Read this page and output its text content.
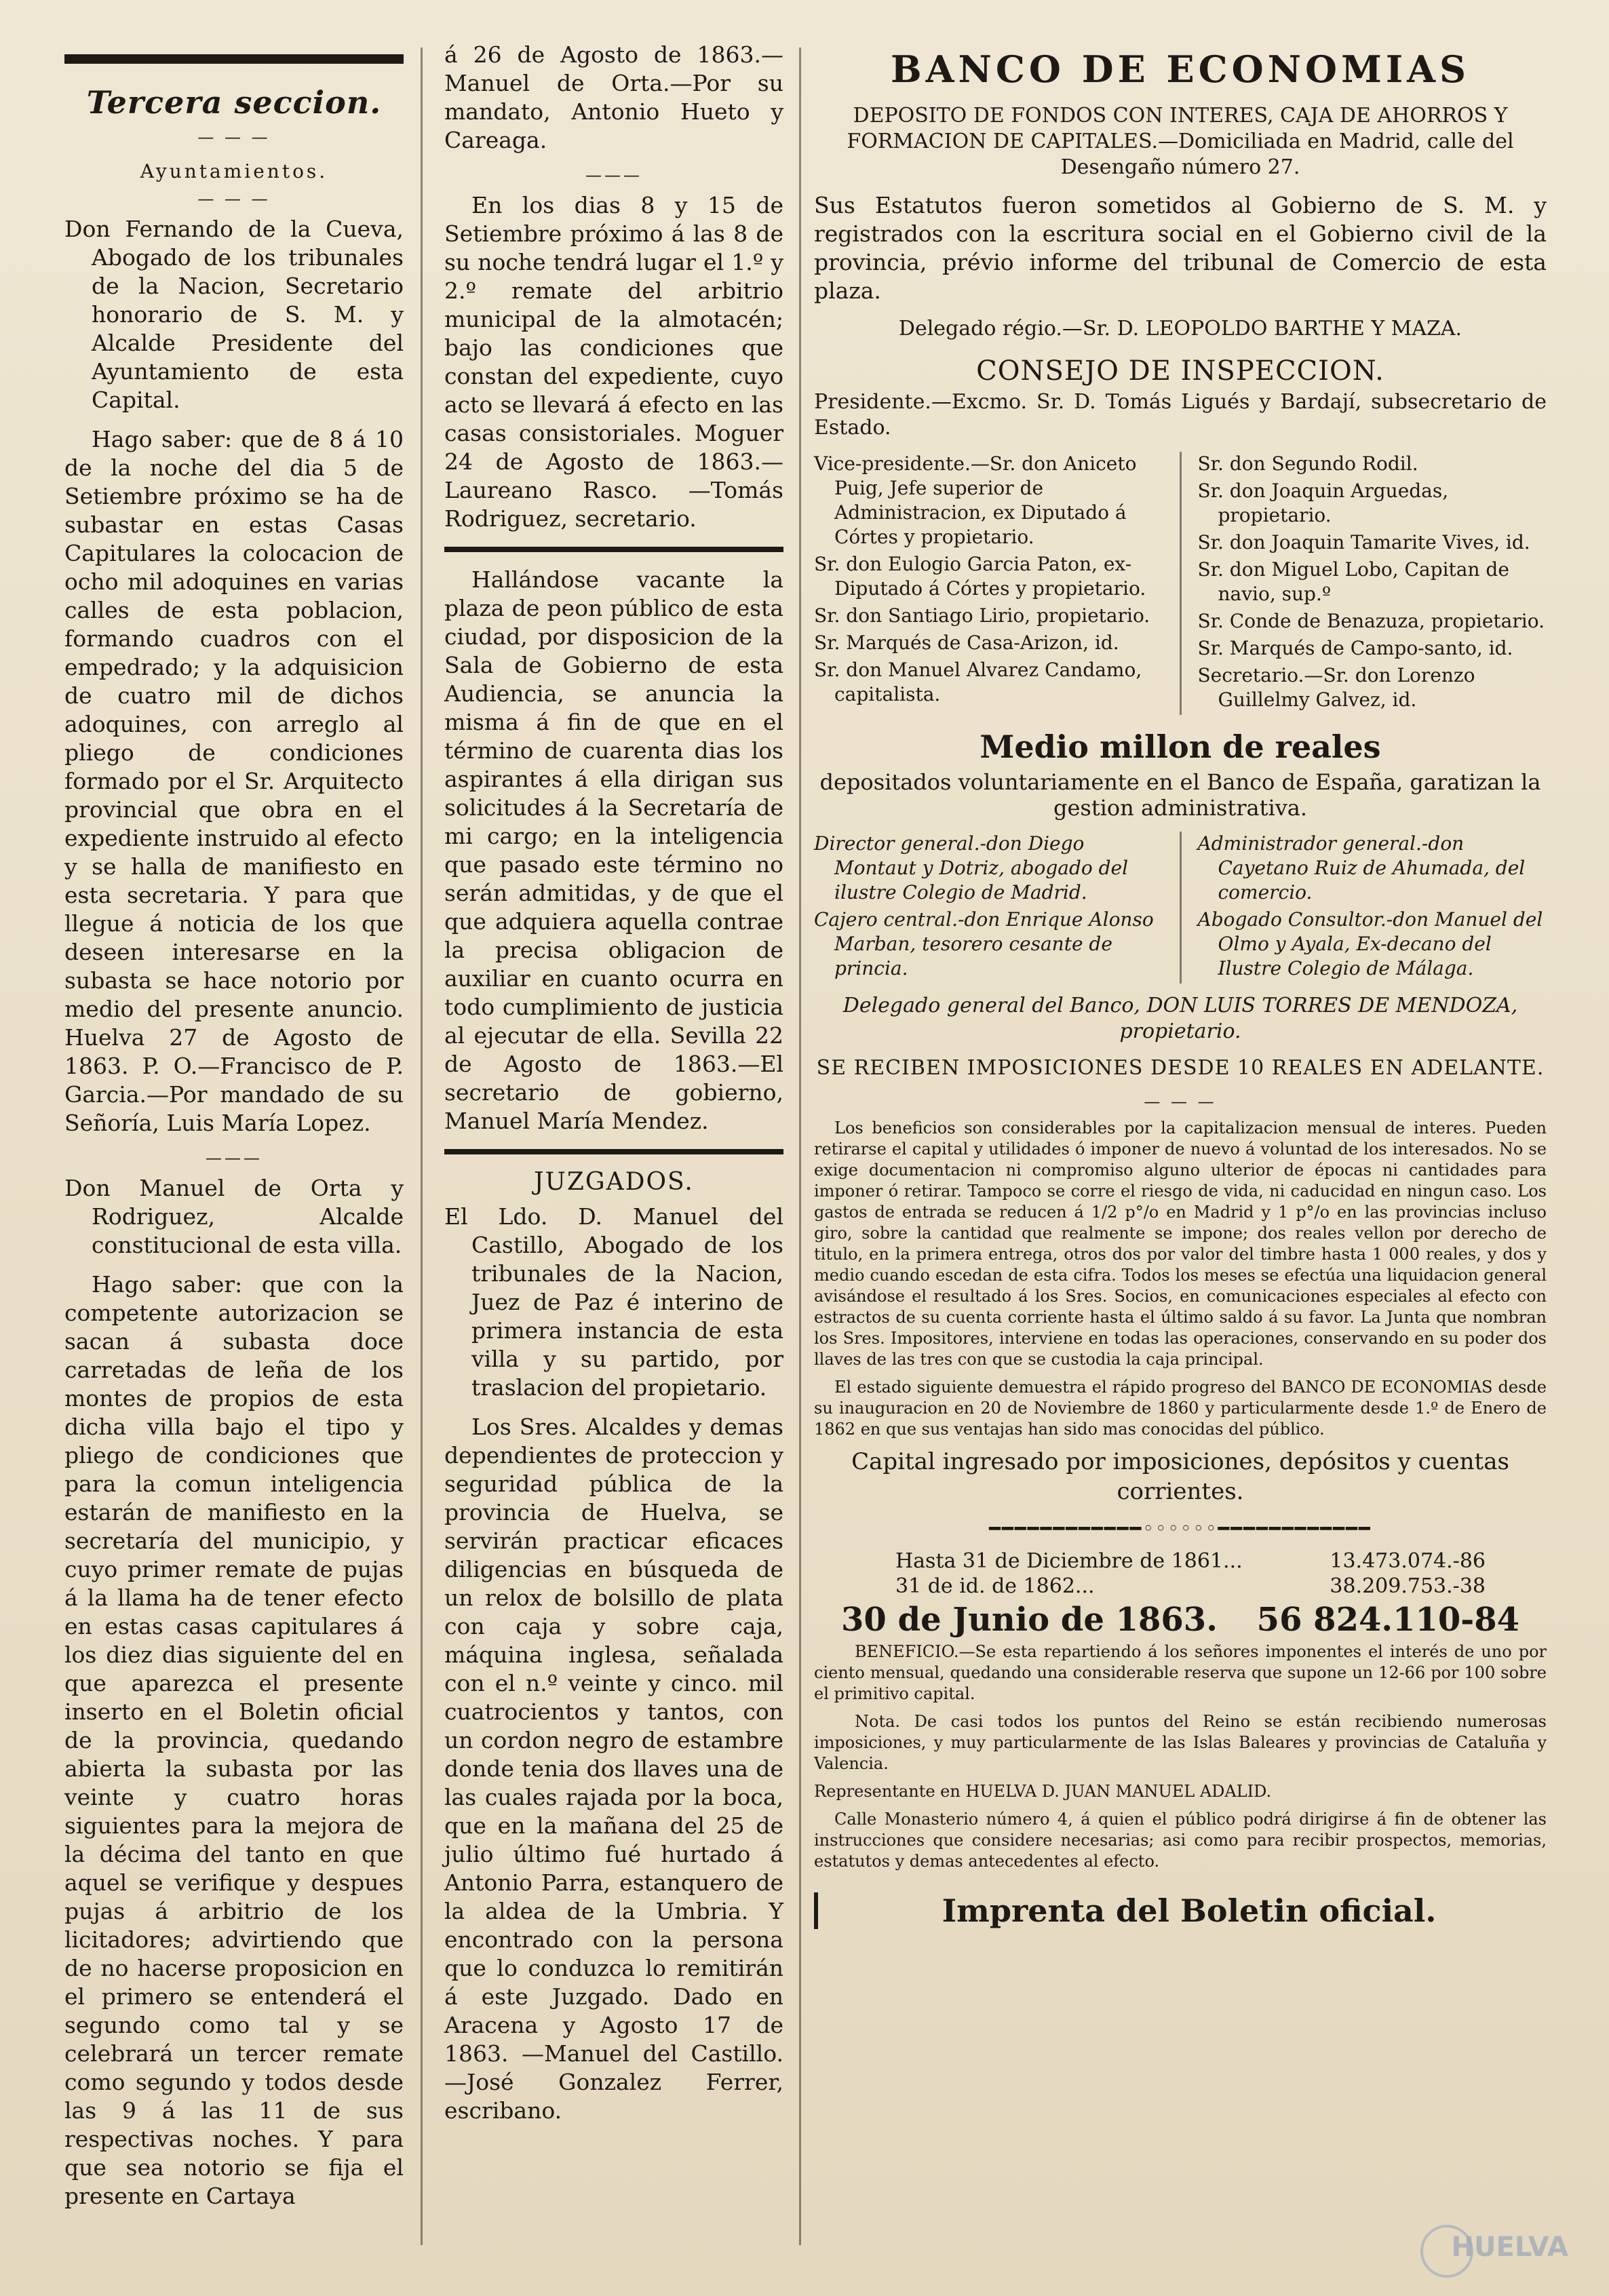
Tercera seccion.
— — —
Ayuntamientos.
— — —

Don Fernando de la Cueva, Abogado de los tribunales de la Nacion, Secretario honorario de S. M. y Alcalde Presidente del Ayuntamiento de esta Capital.

Hago saber: que de 8 á 10 de la noche del dia 5 de Setiembre próximo se ha de subastar en estas Casas Capitulares la colocacion de ocho mil adoquines en varias calles de esta poblacion, formando cuadros con el empedrado; y la adquisicion de cuatro mil de dichos adoquines, con arreglo al pliego de condiciones formado por el Sr. Arquitecto provincial que obra en el expediente instruido al efecto y se halla de manifiesto en esta secretaria. Y para que llegue á noticia de los que deseen interesarse en la subasta se hace notorio por medio del presente anuncio. Huelva 27 de Agosto de 1863. P. O.—Francisco de P. Garcia.—Por mandado de su Señoría, Luis María Lopez.

———

Don Manuel de Orta y Rodriguez, Alcalde constitucional de esta villa.

Hago saber: que con la competente autorizacion se sacan á subasta doce carretadas de leña de los montes de propios de esta dicha villa bajo el tipo y pliego de condiciones que para la comun inteligencia estarán de manifiesto en la secretaría del municipio, y cuyo primer remate de pujas á la llama ha de tener efecto en estas casas capitulares á los diez dias siguiente del en que aparezca el presente inserto en el Boletin oficial de la provincia, quedando abierta la subasta por las veinte y cuatro horas siguientes para la mejora de la décima del tanto en que aquel se verifique y despues pujas á arbitrio de los licitadores; advirtiendo que de no hacerse proposicion en el primero se entenderá el segundo como tal y se celebrará un tercer remate como segundo y todos desde las 9 á las 11 de sus respectivas noches. Y para que sea notorio se fija el presente en Cartaya

á 26 de Agosto de 1863.—Manuel de Orta.—Por su mandato, Antonio Hueto y Careaga.

———

En los dias 8 y 15 de Setiembre próximo á las 8 de su noche tendrá lugar el 1.º y 2.º remate del arbitrio municipal de la almotacén; bajo las condiciones que constan del expediente, cuyo acto se llevará á efecto en las casas consistoriales. Moguer 24 de Agosto de 1863.—Laureano Rasco. —Tomás Rodriguez, secretario.

Hallándose vacante la plaza de peon público de esta ciudad, por disposicion de la Sala de Gobierno de esta Audiencia, se anuncia la misma á fin de que en el término de cuarenta dias los aspirantes á ella dirigan sus solicitudes á la Secretaría de mi cargo; en la inteligencia que pasado este término no serán admitidas, y de que el que adquiera aquella contrae la precisa obligacion de auxiliar en cuanto ocurra en todo cumplimiento de justicia al ejecutar de ella. Sevilla 22 de Agosto de 1863.—El secretario de gobierno, Manuel María Mendez.

JUZGADOS.

El Ldo. D. Manuel del Castillo, Abogado de los tribunales de la Nacion, Juez de Paz é interino de primera instancia de esta villa y su partido, por traslacion del propietario.

Los Sres. Alcaldes y demas dependientes de proteccion y seguridad pública de la provincia de Huelva, se servirán practicar eficaces diligencias en búsqueda de un relox de bolsillo de plata con caja y sobre caja, máquina inglesa, señalada con el n.º veinte y cinco. mil cuatrocientos y tantos, con un cordon negro de estambre donde tenia dos llaves una de las cuales rajada por la boca, que en la mañana del 25 de julio último fué hurtado á Antonio Parra, estanquero de la aldea de la Umbria. Y encontrado con la persona que lo conduzca lo remitirán á este Juzgado. Dado en Aracena y Agosto 17 de 1863. —Manuel del Castillo.—José Gonzalez Ferrer, escribano.

BANCO DE ECONOMIAS

DEPOSITO DE FONDOS CON INTERES, CAJA DE AHORROS Y FORMACION DE CAPITALES.—Domiciliada en Madrid, calle del Desengaño número 27.

Sus Estatutos fueron sometidos al Gobierno de S. M. y registrados con la escritura social en el Gobierno civil de la provincia, prévio informe del tribunal de Comercio de esta plaza.

Delegado régio.—Sr. D. LEOPOLDO BARTHE Y MAZA.

CONSEJO DE INSPECCION.

Presidente.—Excmo. Sr. D. Tomás Ligués y Bardají, subsecretario de Estado.

Vice-presidente.—Sr. don Aniceto Puig, Jefe superior de Administracion, ex Diputado á Córtes y propietario.
Sr. don Eulogio Garcia Paton, ex-Diputado á Córtes y propietario.
Sr. don Santiago Lirio, propietario.
Sr. Marqués de Casa-Arizon, id.
Sr. don Manuel Alvarez Candamo, capitalista.
Sr. don Segundo Rodil.
Sr. don Joaquin Arguedas, propietario.
Sr. don Joaquin Tamarite Vives, id.
Sr. don Miguel Lobo, Capitan de navio, sup.º
Sr. Conde de Benazuza, propietario.
Sr. Marqués de Campo-santo, id.
Secretario.—Sr. don Lorenzo Guillelmy Galvez, id.
Medio millon de reales

depositados voluntariamente en el Banco de España, garatizan la gestion administrativa.

Director general.-don Diego Montaut y Dotriz, abogado del ilustre Colegio de Madrid.
Cajero central.-don Enrique Alonso Marban, tesorero cesante de princia.
Administrador general.-don Cayetano Ruiz de Ahumada, del comercio.
Abogado Consultor.-don Manuel del Olmo y Ayala, Ex-decano del Ilustre Colegio de Málaga.

Delegado general del Banco, DON LUIS TORRES DE MENDOZA, propietario.

SE RECIBEN IMPOSICIONES DESDE 10 REALES EN ADELANTE.

— — —

Los beneficios son considerables por la capitalizacion mensual de interes. Pueden retirarse el capital y utilidades ó imponer de nuevo á voluntad de los interesados. No se exige documentacion ni compromiso alguno ulterior de épocas ni cantidades para imponer ó retirar. Tampoco se corre el riesgo de vida, ni caducidad en ningun caso. Los gastos de entrada se reducen á 1/2 p°/o en Madrid y 1 p°/o en las provincias incluso giro, sobre la cantidad que realmente se impone; dos reales vellon por derecho de titulo, en la primera entrega, otros dos por valor del timbre hasta 1 000 reales, y dos y medio cuando escedan de esta cifra. Todos los meses se efectúa una liquidacion general avisándose el resultado á los Sres. Socios, en comunicaciones especiales al efecto con estractos de su cuenta corriente hasta el último saldo á su favor. La Junta que nombran los Sres. Impositores, interviene en todas las operaciones, conservando en su poder dos llaves de las tres con que se custodia la caja principal.

El estado siguiente demuestra el rápido progreso del BANCO DE ECONOMIAS desde su inauguracion en 20 de Noviembre de 1860 y particularmente desde 1.º de Enero de 1862 en que sus ventajas han sido mas conocidas del público.

Capital ingresado por imposiciones, depósitos y cuentas corrientes.

━━━━━━━━━━━━◦◦◦◦◦◦━━━━━━━━━━━━
Hasta 31 de Diciembre de 1861...	13.473.074.-86
31 de id. de 1862...	38.209.753.-38
30 de Junio de 1863. 56 824.110-84

BENEFICIO.—Se esta repartiendo á los señores imponentes el interés de uno por ciento mensual, quedando una considerable reserva que supone un 12-66 por 100 sobre el primitivo capital.

Nota. De casi todos los puntos del Reino se están recibiendo numerosas imposiciones, y muy particularmente de las Islas Baleares y provincias de Cataluña y Valencia.

Representante en HUELVA D. JUAN MANUEL ADALID.

Calle Monasterio número 4, á quien el público podrá dirigirse á fin de obtener las instrucciones que considere necesarias; asi como para recibir prospectos, memorias, estatutos y demas antecedentes al efecto.

Imprenta del Boletin oficial.
HUELVA
